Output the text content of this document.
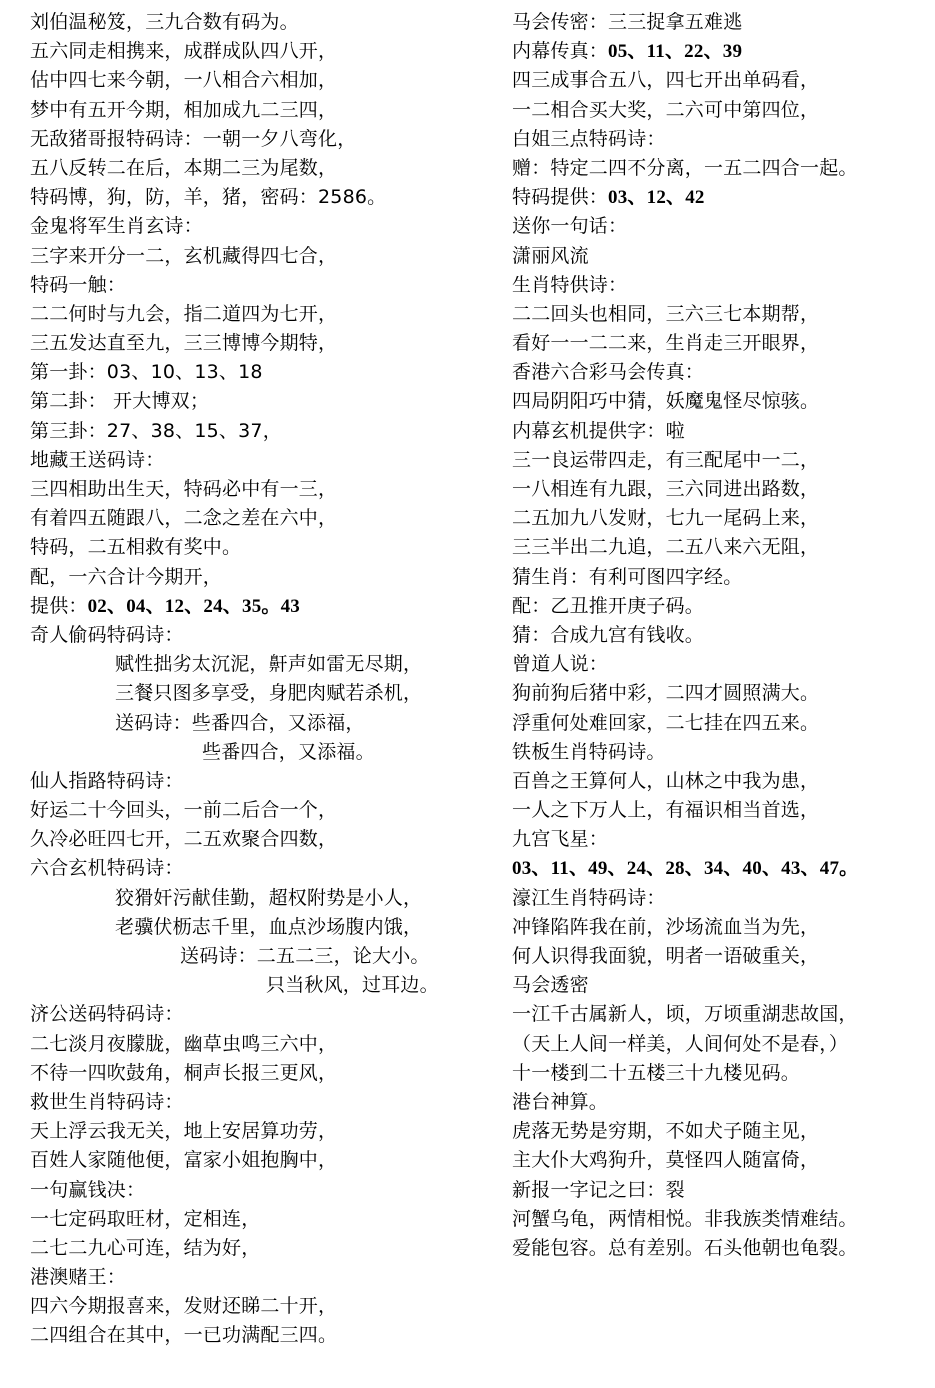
刘伯温秘笈，三九合数有码为。
五六同走相携来，成群成队四八开，
估中四七来今朝，一八相合六相加，
梦中有五开今期，相加成九二三四，
无敌猪哥报特码诗：一朝一夕八弯化，
五八反转二在后，本期二三为尾数，
特码博，狗，防，羊，猪，密码：2586。
金鬼将军生肖玄诗：
三字来开分一二，玄机藏得四七合，
特码一触：
二二何时与九会，指二道四为七开，
三五发达直至九，三三博博今期特，
第一卦：03、10、13、18
第二卦： 开大博双；
第三卦：27、38、15、37，
地藏王送码诗：
三四相助出生天，特码必中有一三，
有着四五随跟八，二念之差在六中，
特码，二五相救有奖中。
配，一六合计今期开，
提供：02、04、12、24、35。43
奇人偷码特码诗：
赋性拙劣太沉泥，鼾声如雷无尽期，
三餐只图多享受，身肥肉赋若杀机，
送码诗：些番四合，又添福，
些番四合，又添福。
仙人指路特码诗：
好运二十今回头，一前二后合一个，
久冷必旺四七开，二五欢聚合四数，
六合玄机特码诗：
狡猾奸污献佳勤，超权附势是小人，
老骥伏枥志千里，血点沙场腹内饿，
送码诗：二五二三，论大小。
只当秋风，过耳边。
济公送码特码诗：
二七淡月夜朦胧，幽草虫鸣三六中，
不待一四吹鼓角，桐声长报三更风，
救世生肖特码诗：
天上浮云我无关，地上安居算功劳，
百姓人家随他便，富家小姐抱胸中，
一句赢钱决：
一七定码取旺材，定相连，
二七二九心可连，结为好，
港澳赌王：
四六今期报喜来，发财还睇二十开，
二四组合在其中，一已功满配三四。
马会传密：三三捉拿五难逃
内幕传真：05、11、22、39
四三成事合五八，四七开出单码看，
一二相合买大奖，二六可中第四位，
白姐三点特码诗：
赠：特定二四不分离，一五二四合一起。
特码提供：03、12、42
送你一句话：
潇丽风流
生肖特供诗：
二二回头也相同，三六三七本期帮，
看好一一二二来，生肖走三开眼界，
香港六合彩马会传真：
四局阴阳巧中猜，妖魔鬼怪尽惊骇。
内幕玄机提供字：啦
三一良运带四走，有三配尾中一二，
一八相连有九跟，三六同进出路数，
二五加九八发财，七九一尾码上来，
三三半出二九追，二五八来六无阻，
猜生肖：有利可图四字经。
配：乙丑推开庚子码。
猜：合成九宫有钱收。
曾道人说：
狗前狗后猪中彩，二四才圆照满大。
浮重何处难回家，二七挂在四五来。
铁板生肖特码诗。
百兽之王算何人，山林之中我为患，
一人之下万人上，有福识相当首选，
九宫飞星：
03、11、49、24、28、34、40、43、47。
濠江生肖特码诗：
冲锋陷阵我在前，沙场流血当为先，
何人识得我面貌，明者一语破重关，
马会透密
一江千古属新人，顷，万顷重湖悲故国，
（天上人间一样美，人间何处不是春，）
十一楼到二十五楼三十九楼见码。
港台神算。
虎落无势是穷期，不如犬子随主见，
主大仆大鸡狗升，莫怪四人随富倚，
新报一字记之曰：裂
河蟹乌龟，两情相悦。非我族类情难结。
爱能包容。总有差别。石头他朝也龟裂。
